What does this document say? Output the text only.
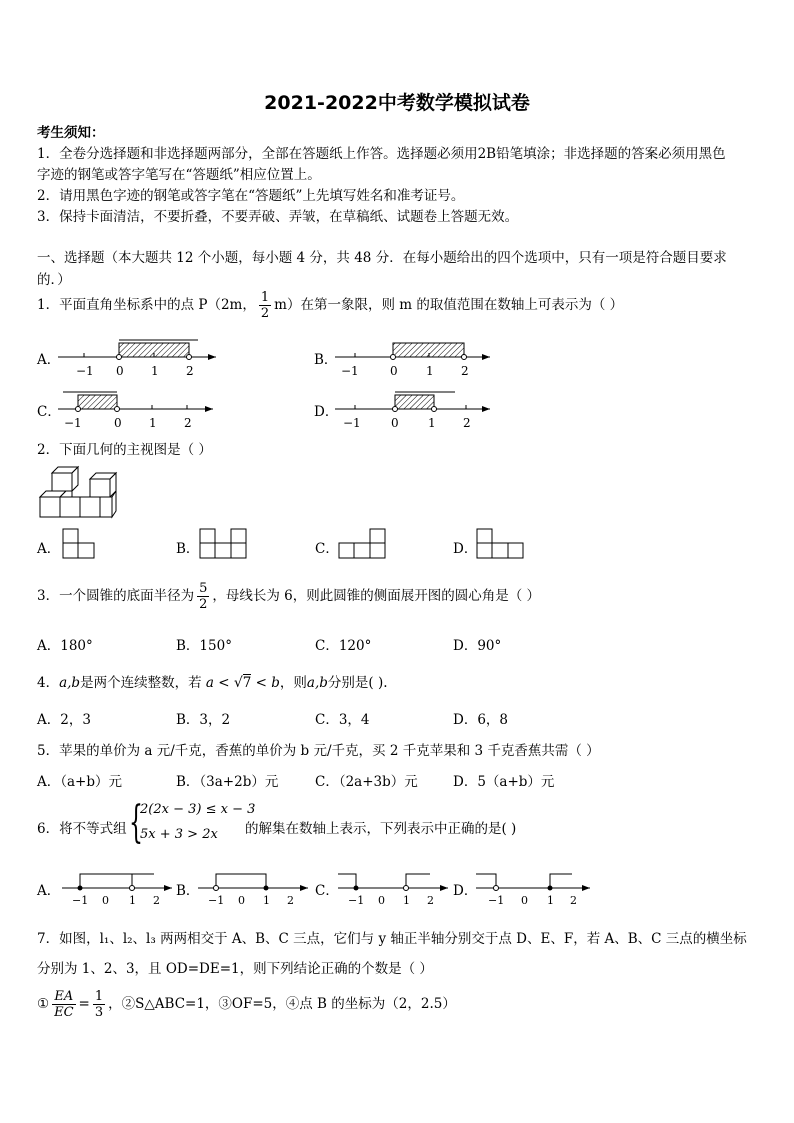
2021-2022中考数学模拟试卷
考生须知：
1．全卷分选择题和非选择题两部分，全部在答题纸上作答。选择题必须用2B铅笔填涂；非选择题的答案必须用黑色
字迹的钢笔或答字笔写在“答题纸”相应位置上。
2．请用黑色字迹的钢笔或答字笔在“答题纸”上先填写姓名和准考证号。
3．保持卡面清洁，不要折叠，不要弄破、弄皱，在草稿纸、试题卷上答题无效。
一、选择题（本大题共 12 个小题，每小题 4 分，共 48 分．在每小题给出的四个选项中，只有一项是符合题目要求
的．）
1．平面直角坐标系中的点 P（2m， $\frac{1}{2} m$）在第一象限，则 m 的取值范围在数轴上可表示为（ ）
A．
−1 0 1 2
B．
−1	0 1 2
C．
−1	0 1 2
D．
−1	0 1 2
2．下面几何的主视图是（ ）
A．	B．	C．	D．
3．一个圆锥的底面半径为 $\frac{5}{2}$ ，母线长为 6，则此圆锥的侧面展开图的圆心角是（ ）
A．180°	B．150°	C．120°	D．90°
4．a,b是两个连续整数，若 a < √7 < b，则a,b分别是( ).
A．2，3	B．3，2	C．3，4	D．6，8
5．苹果的单价为 a 元/千克，香蕉的单价为 b 元/千克，买 2 千克苹果和 3 千克香蕉共需（ ）
A．（a+b）元	B．（3a+2b）元	C．（2a+3b）元	D．5（a+b）元
6．将不等式组 {
2(2x − 3) ≤ x − 3
5x + 3 > 2x 的解集在数轴上表示，下列表示中正确的是( )
A．
−1 0 1 2
B．
−1 0 1 2
C．
−1 0 1 2
D．
−1 0 1 2
7．如图，l₁、l₂、l₃ 两两相交于 A、B、C 三点，它们与 y 轴正半轴分别交于点 D、E、F，若 A、B、C 三点的横坐标
分别为 1、2、3，且 OD=DE=1，则下列结论正确的个数是（ ）
① $\frac{EA}{EC} = \frac{1}{3}$ ，②S△ABC=1，③OF=5，④点 B 的坐标为（2，2.5）
